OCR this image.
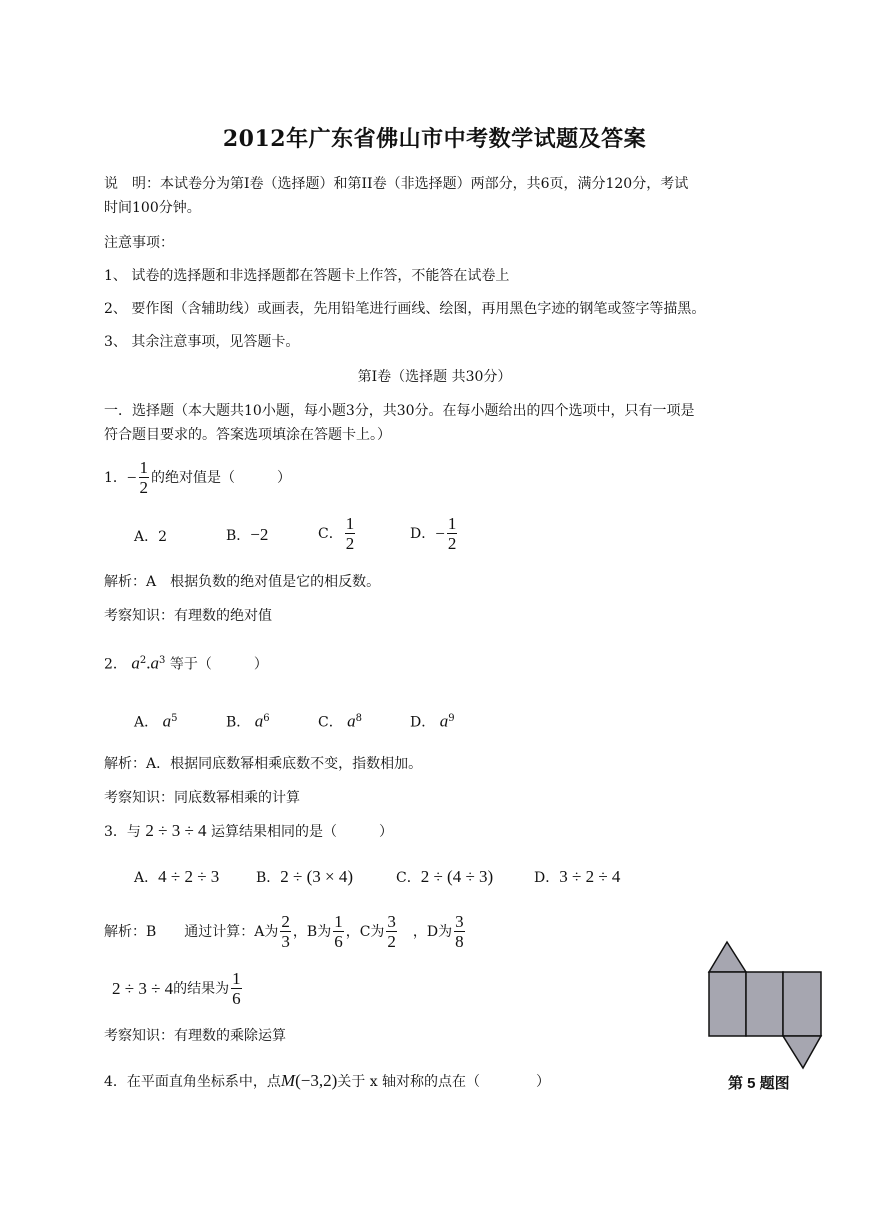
2012年广东省佛山市中考数学试题及答案
说　明：本试卷分为第Ⅰ卷（选择题）和第II卷（非选择题）两部分，共6页，满分120分，考试
时间100分钟。
注意事项：
1、 试卷的选择题和非选择题都在答题卡上作答，不能答在试卷上
2、 要作图（含辅助线）或画表，先用铅笔进行画线、绘图，再用黑色字迹的钢笔或签字等描黑。
3、 其余注意事项，见答题卡。
第Ⅰ卷（选择题 共30分）
一．选择题（本大题共10小题，每小题3分，共30分。在每小题给出的四个选项中，只有一项是
符合题目要求的。答案选项填涂在答题卡上。）
1． − $\frac{1}{2}$ 的绝对值是（　　　）
A．2	B．−2	C． $\frac{1}{2}$	D． − $\frac{1}{2}$
解析：A　根据负数的绝对值是它的相反数。
考察知识：有理数的绝对值
2． $a^2.a^3$ 等于（　　　）
A． $a^5$	B． $a^6$	C． $a^8$	D． $a^9$
解析：A．根据同底数幂相乘底数不变，指数相加。
考察知识：同底数幂相乘的计算
3．与 2 ÷ 3 ÷ 4 运算结果相同的是（　　　）
A．4 ÷ 2 ÷ 3	B．2 ÷ (3 × 4)	C．2 ÷ (4 ÷ 3)	D．3 ÷ 2 ÷ 4
解析：B　　通过计算：A为 $\frac{2}{3}$ ，B为 $\frac{1}{6}$ ，C为 $\frac{3}{2}$ 　，D为 $\frac{3}{8}$
2 ÷ 3 ÷ 4 的结果为 $\frac{1}{6}$
考察知识：有理数的乘除运算
4．在平面直角坐标系中，点M(−3,2)关于 x 轴对称的点在（　　　　）	第 5 题图
